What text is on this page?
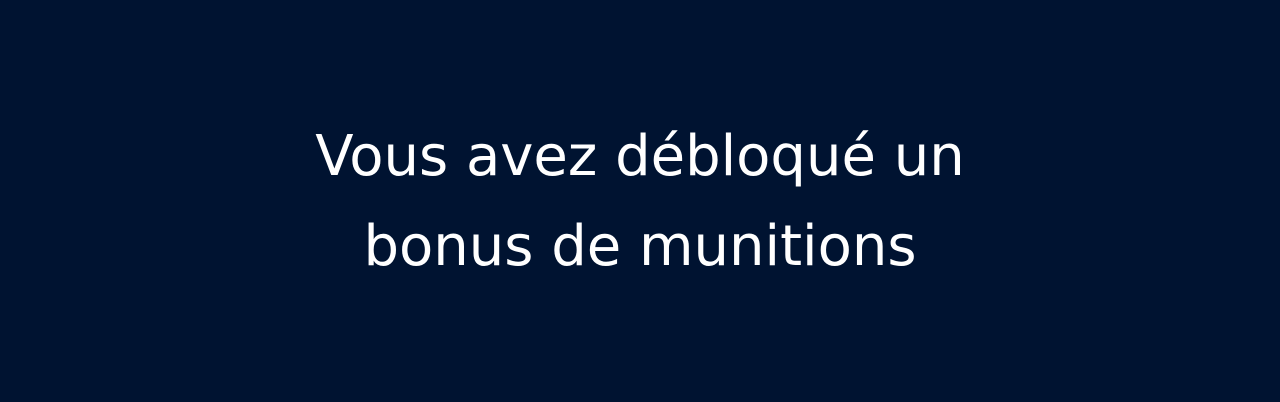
Vous avez débloqué un
bonus de munitions
